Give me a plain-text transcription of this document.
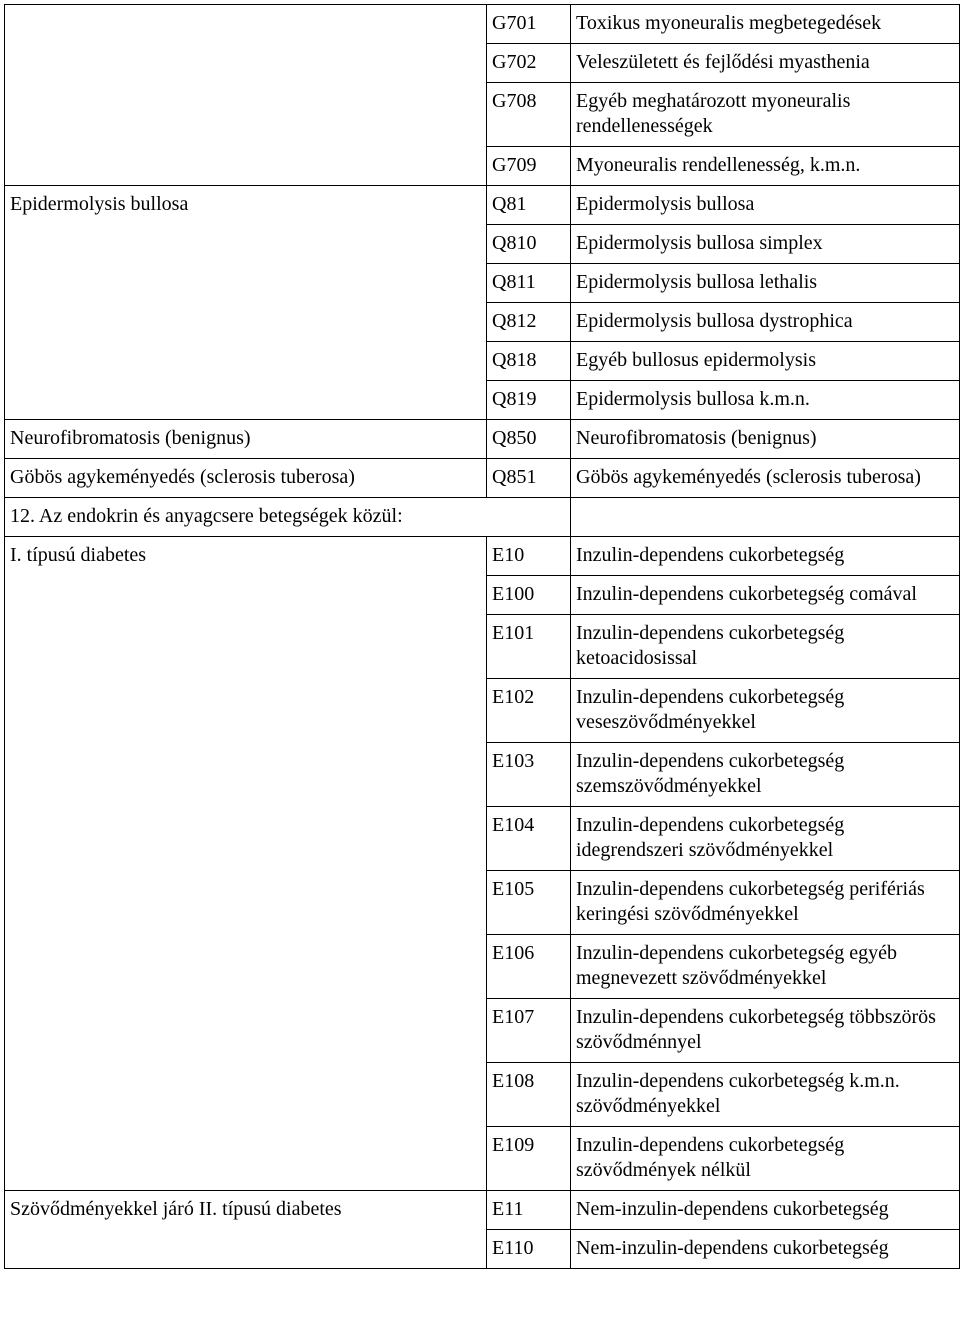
	G701	Toxikus myoneuralis megbetegedések
	G702	Veleszületett és fejlődési myasthenia
	G708	Egyéb meghatározott myoneuralis rendellenességek
	G709	Myoneuralis rendellenesség, k.m.n.
Epidermolysis bullosa	Q81	Epidermolysis bullosa
	Q810	Epidermolysis bullosa simplex
	Q811	Epidermolysis bullosa lethalis
	Q812	Epidermolysis bullosa dystrophica
	Q818	Egyéb bullosus epidermolysis
	Q819	Epidermolysis bullosa k.m.n.
Neurofibromatosis (benignus)	Q850	Neurofibromatosis (benignus)
Göbös agykeményedés (sclerosis tuberosa)	Q851	Göbös agykeményedés (sclerosis tuberosa)
12. Az endokrin és anyagcsere betegségek közül:		
I. típusú diabetes	E10	Inzulin-dependens cukorbetegség
	E100	Inzulin-dependens cukorbetegség comával
	E101	Inzulin-dependens cukorbetegség ketoacidosissal
	E102	Inzulin-dependens cukorbetegség veseszövődményekkel
	E103	Inzulin-dependens cukorbetegség szemszövődményekkel
	E104	Inzulin-dependens cukorbetegség idegrendszeri szövődményekkel
	E105	Inzulin-dependens cukorbetegség perifériás keringési szövődményekkel
	E106	Inzulin-dependens cukorbetegség egyéb megnevezett szövődményekkel
	E107	Inzulin-dependens cukorbetegség többszörös szövődménnyel
	E108	Inzulin-dependens cukorbetegség k.m.n. szövődményekkel
	E109	Inzulin-dependens cukorbetegség szövődmények nélkül
Szövődményekkel járó II. típusú diabetes	E11	Nem-inzulin-dependens cukorbetegség
	E110	Nem-inzulin-dependens cukorbetegség
